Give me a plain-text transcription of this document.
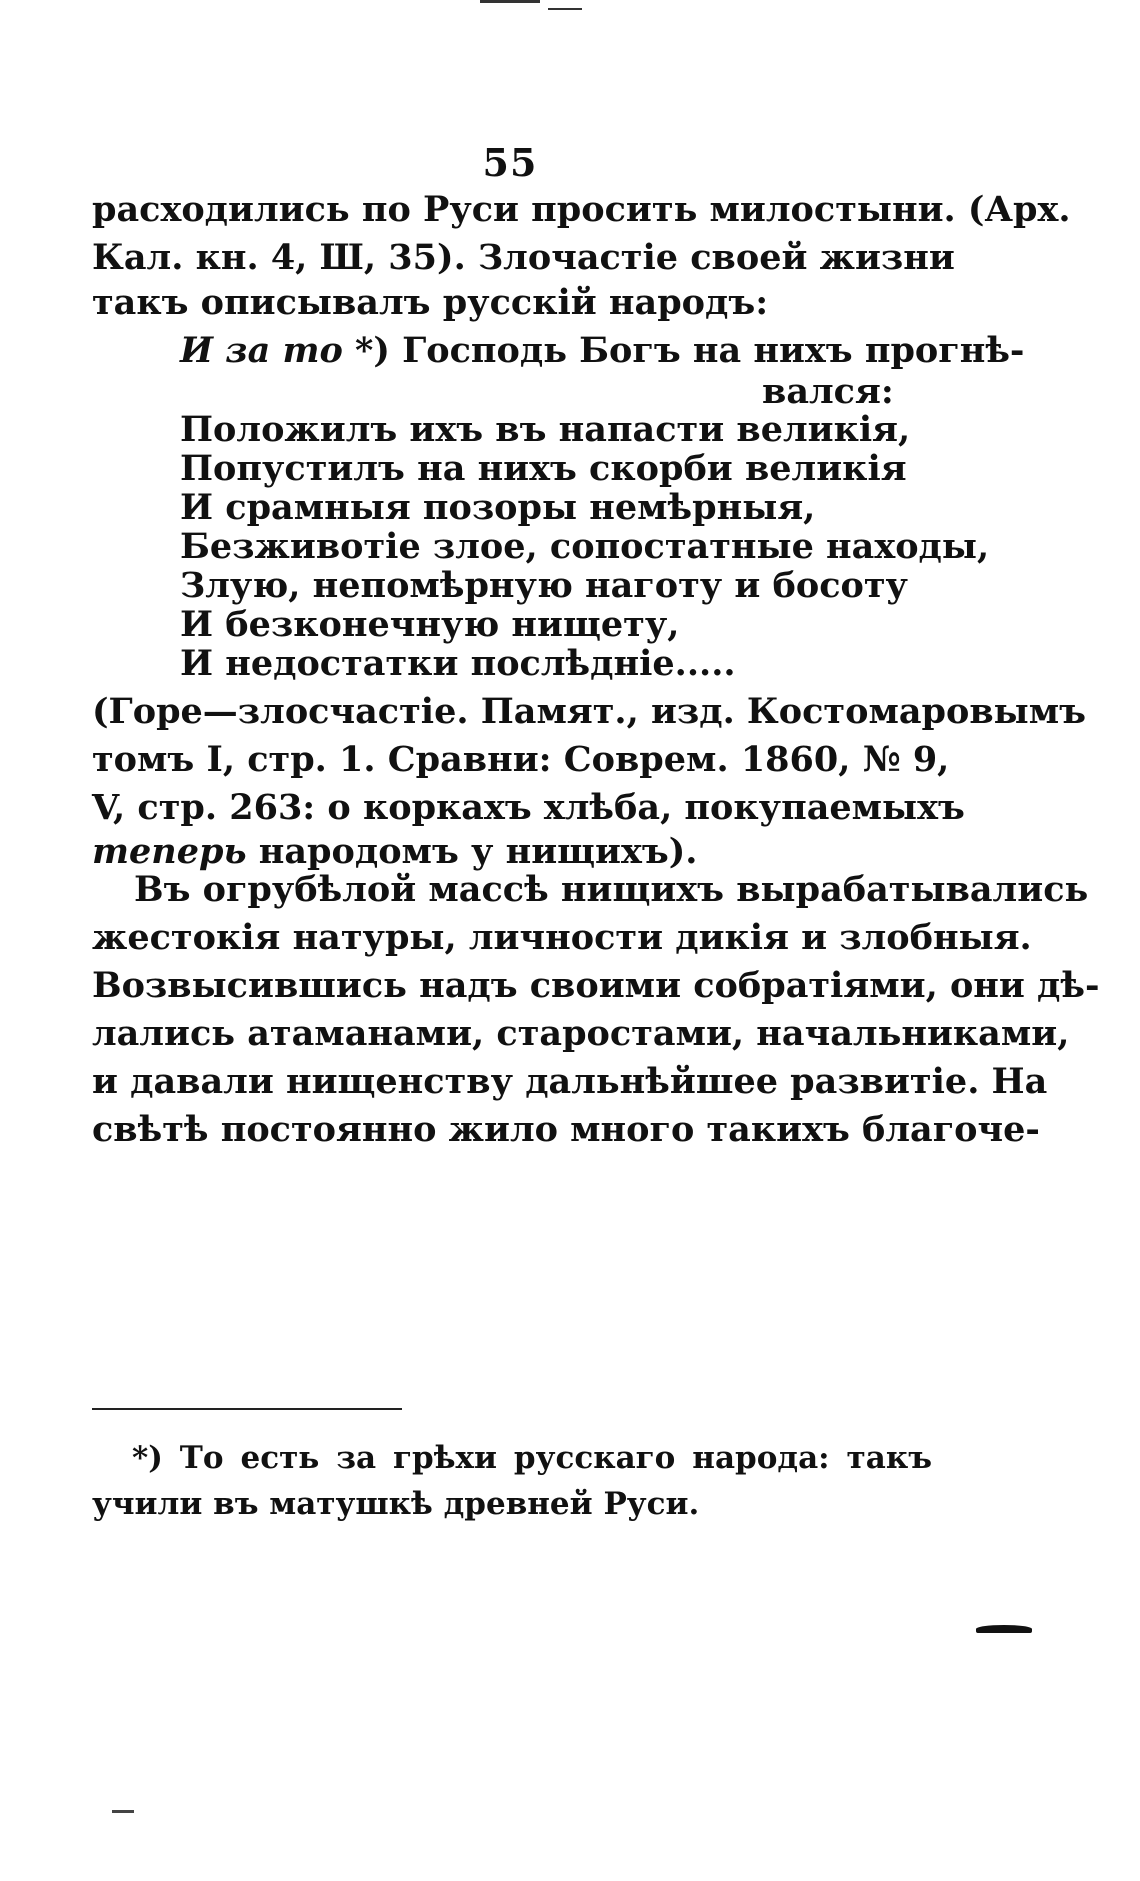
55
расходились по Руси просить милостыни. (Арх.
Кал. кн. 4, Ш, 35). Злочастіе своей жизни
такъ описывалъ русскій народъ:
И за то *) Господь Богъ на нихъ прогнѣ-
вался:
Положилъ ихъ въ напасти великія,
Попустилъ на нихъ скорби великія
И срамныя позоры немѣрныя,
Безживотіе злое, сопостатные находы,
Злую, непомѣрную наготу и босоту
И безконечную нищету,
И недостатки послѣдніе.....
(Горе—злосчастіе. Памят., изд. Костомаровымъ
томъ I, стр. 1. Сравни: Соврем. 1860, № 9,
V, стр. 263: о коркахъ хлѣба, покупаемыхъ
теперь народомъ у нищихъ).
Въ огрубѣлой массѣ нищихъ вырабатывались
жестокія натуры, личности дикія и злобныя.
Возвысившись надъ своими собратіями, они дѣ-
лались атаманами, старостами, начальниками,
и давали нищенству дальнѣйшее развитіе. На
свѣтѣ постоянно жило много такихъ благоче-
*) То есть за грѣхи русскаго народа: такъ
учили въ матушкѣ древней Руси.
